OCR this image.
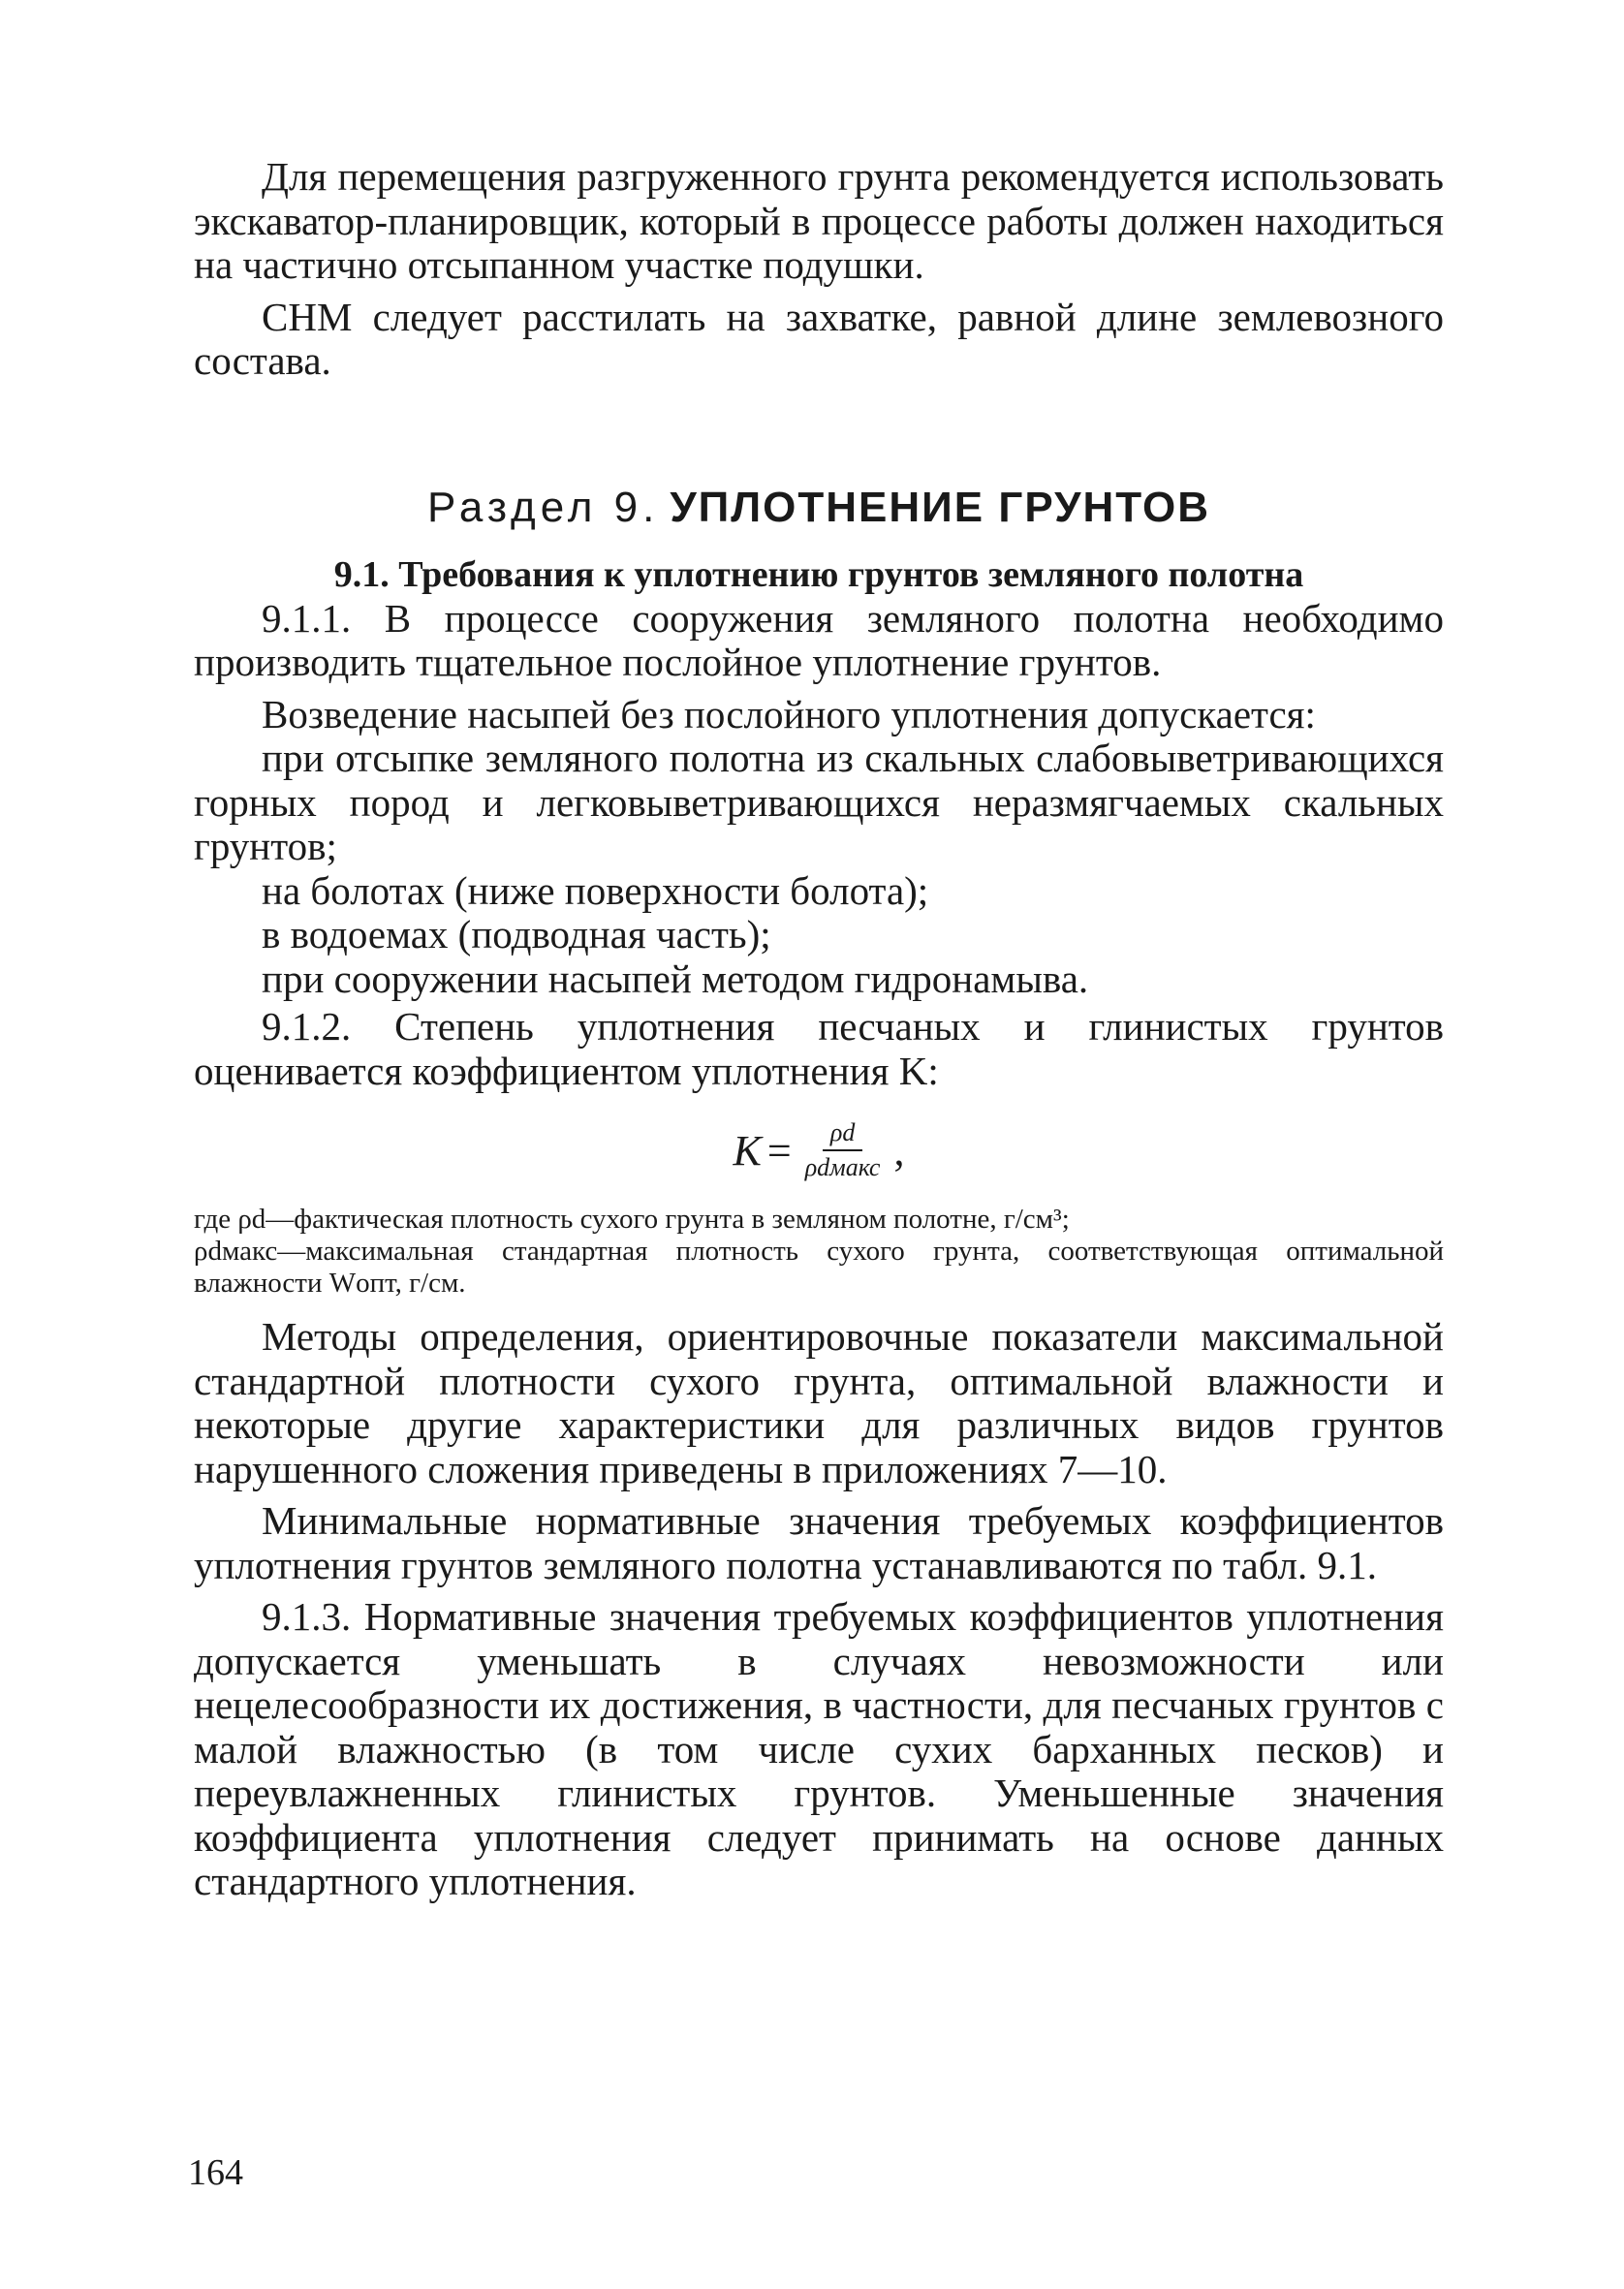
Для перемещения разгруженного грунта рекомендуется использовать экскаватор-планировщик, который в процессе работы должен находиться на частично отсыпанном участке подушки.

СНМ следует расстилать на захватке, равной длине землевозного состава.

Раздел 9. УПЛОТНЕНИЕ ГРУНТОВ

9.1. Требования к уплотнению грунтов земляного полотна

9.1.1. В процессе сооружения земляного полотна необходимо производить тщательное послойное уплотнение грунтов.

Возведение насыпей без послойного уплотнения допускается:

при отсыпке земляного полотна из скальных слабовыветривающихся горных пород и легковыветривающихся неразмягчаемых скальных грунтов;

на болотах (ниже поверхности болота);

в водоемах (подводная часть);

при сооружении насыпей методом гидронамыва.

9.1.2. Степень уплотнения песчаных и глинистых грунтов оценивается коэффициентом уплотнения K:

$K = \frac{\rho d}{\text{ρdмакс}}$ ,

где ρd—фактическая плотность сухого грунта в земляном полотне, г/см³;
ρdмакс—максимальная стандартная плотность сухого грунта, соответствующая оптимальной влажности Wопт, г/см.

Методы определения, ориентировочные показатели максимальной стандартной плотности сухого грунта, оптимальной влажности и некоторые другие характеристики для различных видов грунтов нарушенного сложения приведены в приложениях 7—10.

Минимальные нормативные значения требуемых коэффициентов уплотнения грунтов земляного полотна устанавливаются по табл. 9.1.

9.1.3. Нормативные значения требуемых коэффициентов уплотнения допускается уменьшать в случаях невозможности или нецелесообразности их достижения, в частности, для песчаных грунтов с малой влажностью (в том числе сухих барханных песков) и переувлажненных глинистых грунтов. Уменьшенные значения коэффициента уплотнения следует принимать на основе данных стандартного уплотнения.

164
